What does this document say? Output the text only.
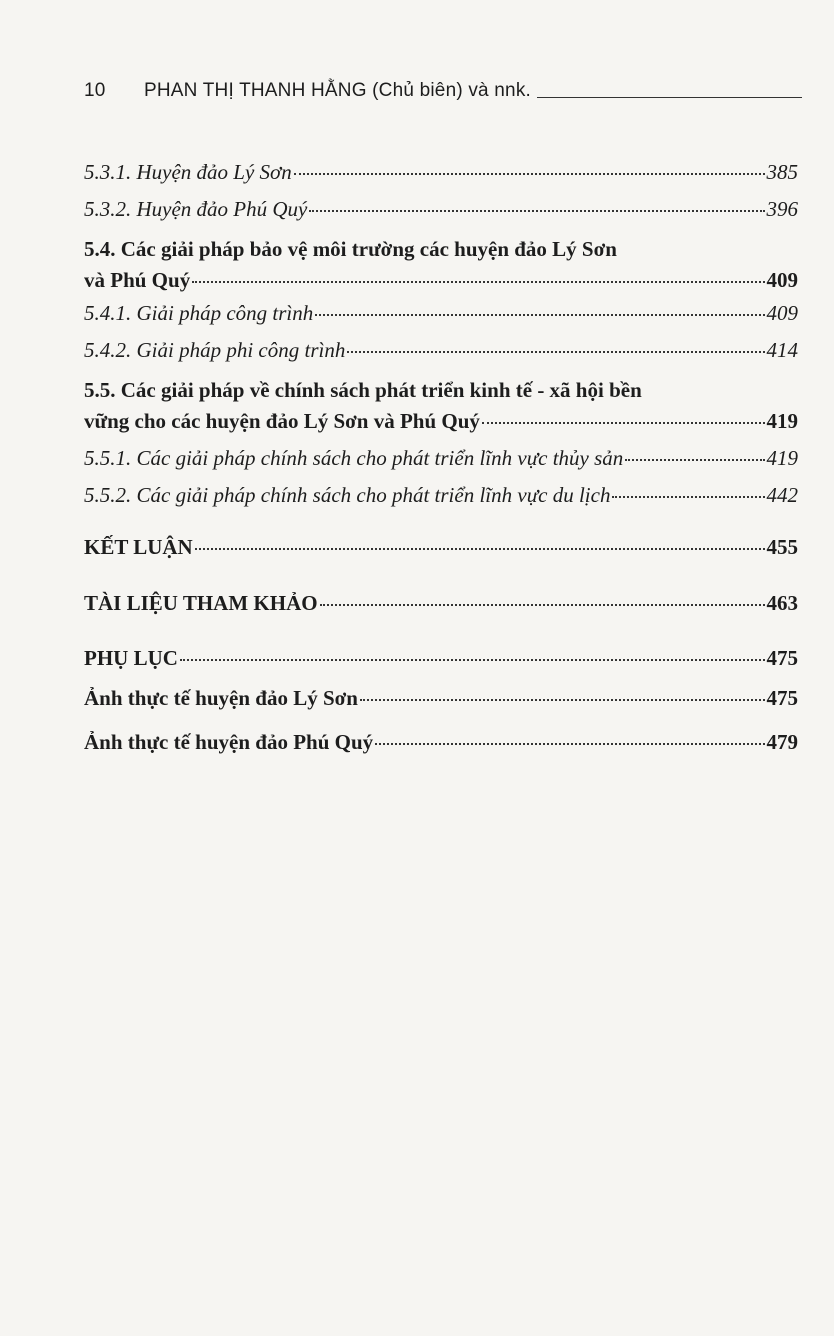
10	PHAN THỊ THANH HẰNG (Chủ biên) và nnk.
5.3.1. Huyện đảo Lý Sơn	385
5.3.2. Huyện đảo Phú Quý	396
5.4. Các giải pháp bảo vệ môi trường các huyện đảo Lý Sơn
và Phú Quý	409
5.4.1. Giải pháp công trình	409
5.4.2. Giải pháp phi công trình	414
5.5. Các giải pháp về chính sách phát triển kinh tế - xã hội bền
vững cho các huyện đảo Lý Sơn và Phú Quý	419
5.5.1. Các giải pháp chính sách cho phát triển lĩnh vực thủy sản	419
5.5.2. Các giải pháp chính sách cho phát triển lĩnh vực du lịch	442
KẾT LUẬN	455
TÀI LIỆU THAM KHẢO	463
PHỤ LỤC	475
Ảnh thực tế huyện đảo Lý Sơn	475
Ảnh thực tế huyện đảo Phú Quý	479
